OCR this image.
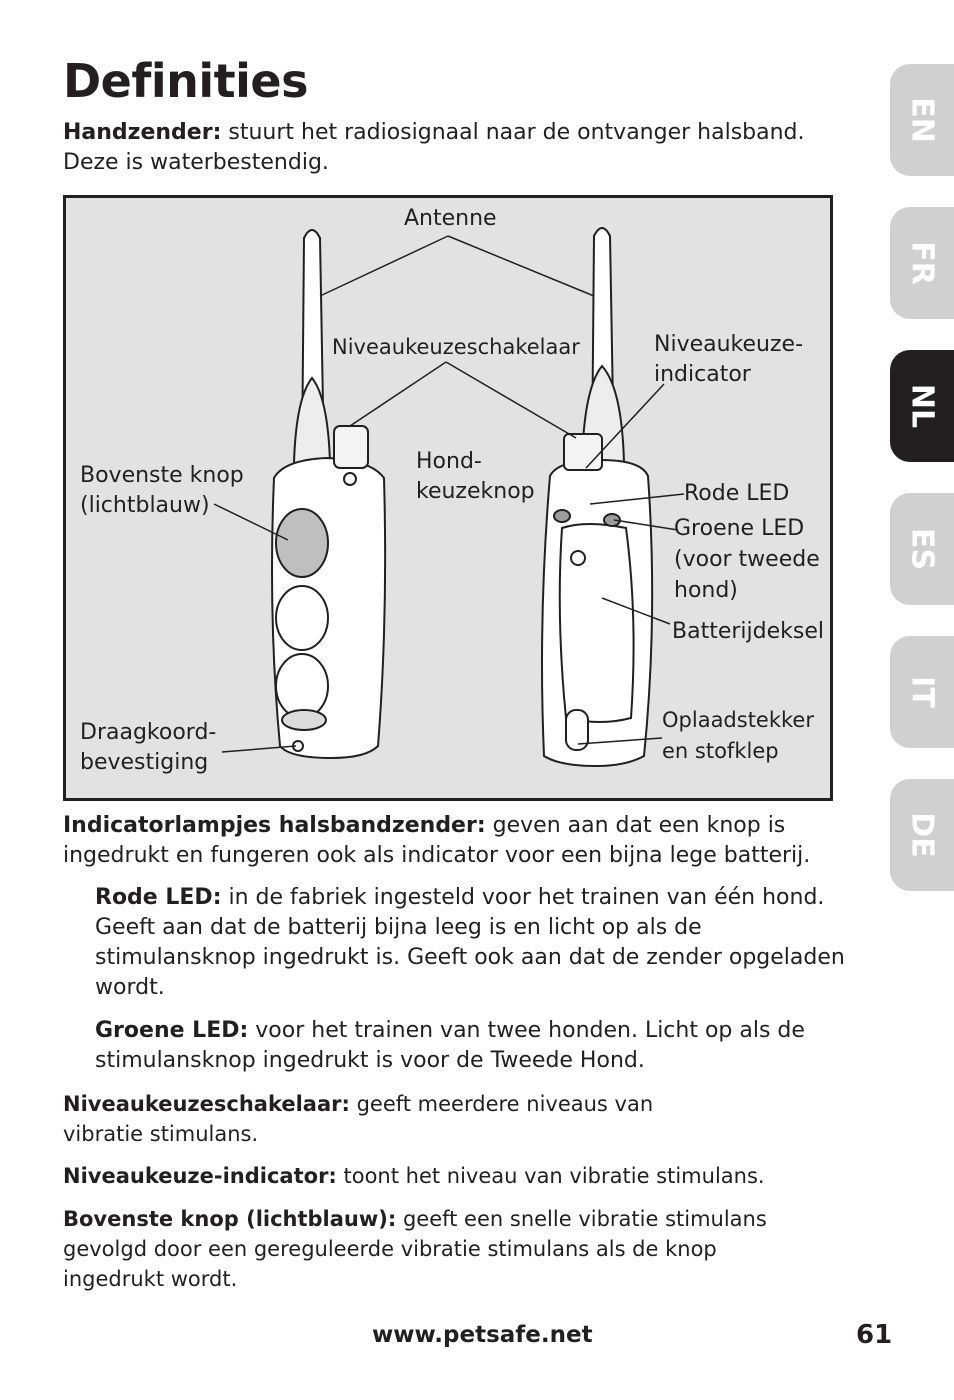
Definities

Handzender: stuurt het radiosignaal naar de ontvanger halsband. Deze is waterbestendig.

Antenne
Niveaukeuzeschakelaar	Niveaukeuze-
indicator
Hond-
keuzeknop
Bovenste knop
(lichtblauw)	Rode LED
Groene LED
(voor tweede
hond)
Batterijdeksel
Draagkoord-
bevestiging
Oplaadstekker
en stofklep

Indicatorlampjes halsbandzender: geven aan dat een knop is ingedrukt en fungeren ook als indicator voor een bijna lege batterij.

Rode LED: in de fabriek ingesteld voor het trainen van één hond. Geeft aan dat de batterij bijna leeg is en licht op als de stimulansknop ingedrukt is. Geeft ook aan dat de zender opgeladen wordt.

Groene LED: voor het trainen van twee honden. Licht op als de stimulansknop ingedrukt is voor de Tweede Hond.

Niveaukeuzeschakelaar: geeft meerdere niveaus van vibratie stimulans.

Niveaukeuze-indicator: toont het niveau van vibratie stimulans.

Bovenste knop (lichtblauw): geeft een snelle vibratie stimulans gevolgd door een gereguleerde vibratie stimulans als de knop ingedrukt wordt.

EN
FR
NL
ES
IT
DE
www.petsafe.net	61
